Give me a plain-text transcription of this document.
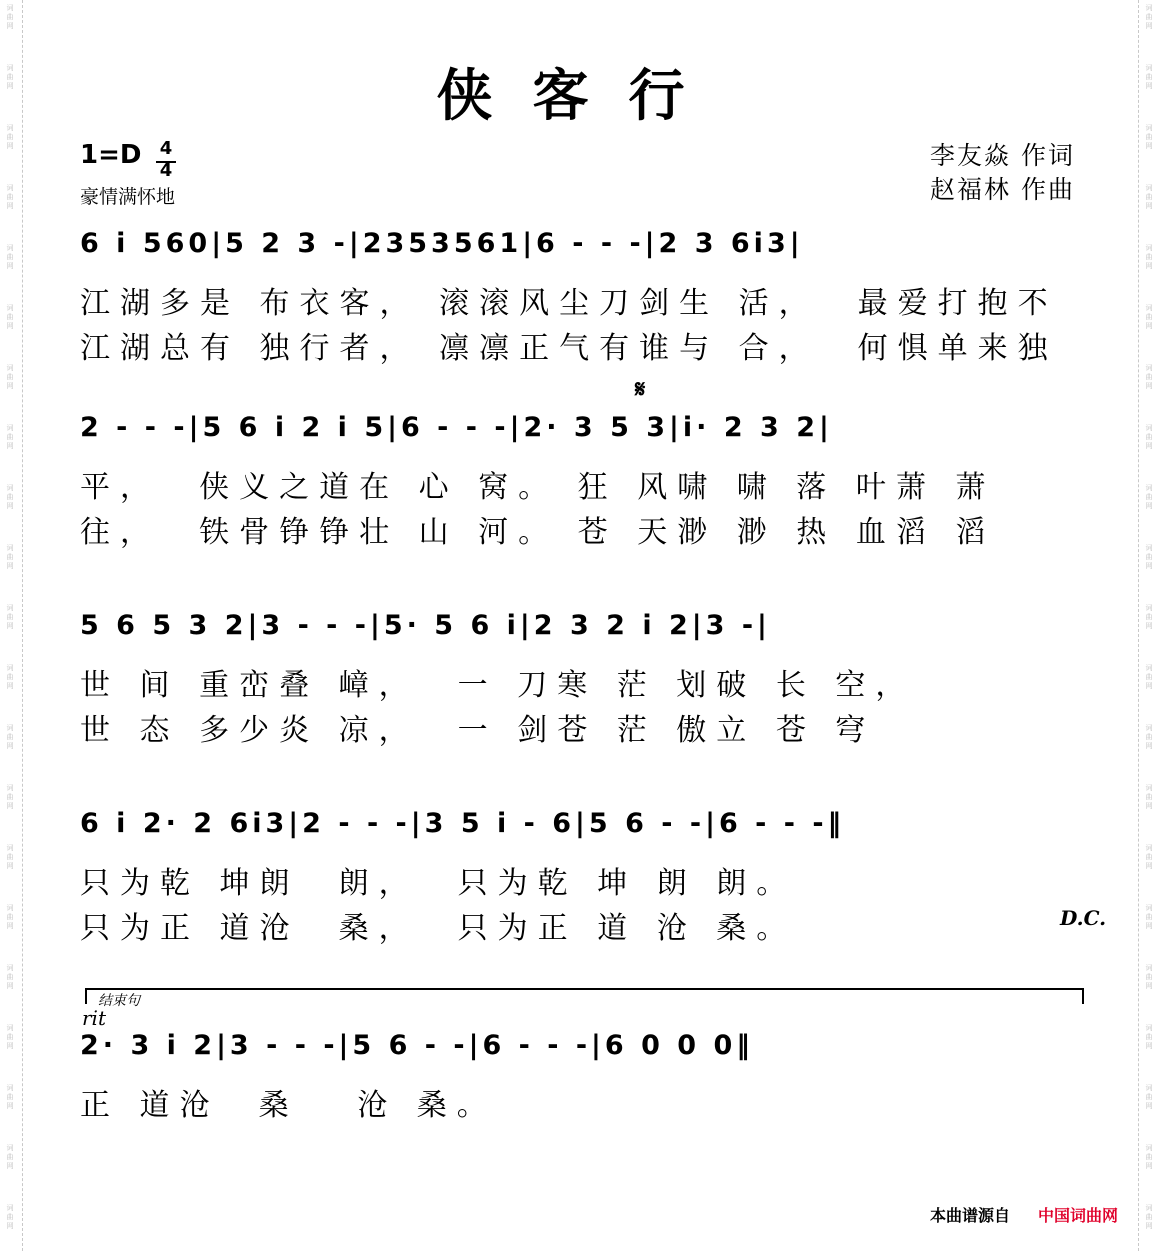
词
曲
网
词
曲
网
词
曲
网
词
曲
网
词
曲
网
词
曲
网
词
曲
网
词
曲
网
词
曲
网
词
曲
网
词
曲
网
词
曲
网
词
曲
网
词
曲
网
词
曲
网
词
曲
网
词
曲
网
词
曲
网
词
曲
网
词
曲
网
词
曲
网
词
曲
网
词
曲
网
词
曲
网
词
曲
网
词
曲
网
词
曲
网
词
曲
网
词
曲
网
词
曲
网
词
曲
网
词
曲
网
词
曲
网
词
曲
网
词
曲
网
词
曲
网
词
曲
网
词
曲
网
词
曲
网
词
曲
网
词
曲
网
词
曲
网
侠客行
1=D 4
4
豪情满怀地
李友焱 作词
赵福林 作曲
6 i 560|5 2 3 -|2353561|6 - - -|2 3 6i3|
江湖多是 布衣客， 滚滚风尘刀剑生 活，  最爱打抱不
江湖总有 独行者， 凛凛正气有谁与 合，  何惧单来独
𝄋
2 - - -|5 6 i 2 i 5|6 - - -|2· 3 5 3|i· 2 3 2|
平，  侠义之道在 心 窝。 狂 风啸 啸 落 叶萧 萧
往，  铁骨铮铮壮 山 河。 苍 天渺 渺 热 血滔 滔
5 6 5 3 2|3 - - -|5· 5 6 i|2 3 2 i 2|3 -|
世 间 重峦叠 嶂，  一 刀寒 茫 划破 长 空，
世 态 多少炎 凉，  一 剑苍 茫 傲立 苍 穹
6 i 2· 2 6i3|2 - - -|3 5 i - 6|5 6 - -|6 - - -‖
只为乾 坤朗  朗，  只为乾 坤 朗 朗。
只为正 道沧  桑，  只为正 道 沧 桑。	D.C.
结束句
rit
2· 3 i 2|3 - - -|5 6 - -|6 - - -|6 0 0 0‖
正 道沧  桑   沧 桑。
本曲谱源自 中国词曲网
